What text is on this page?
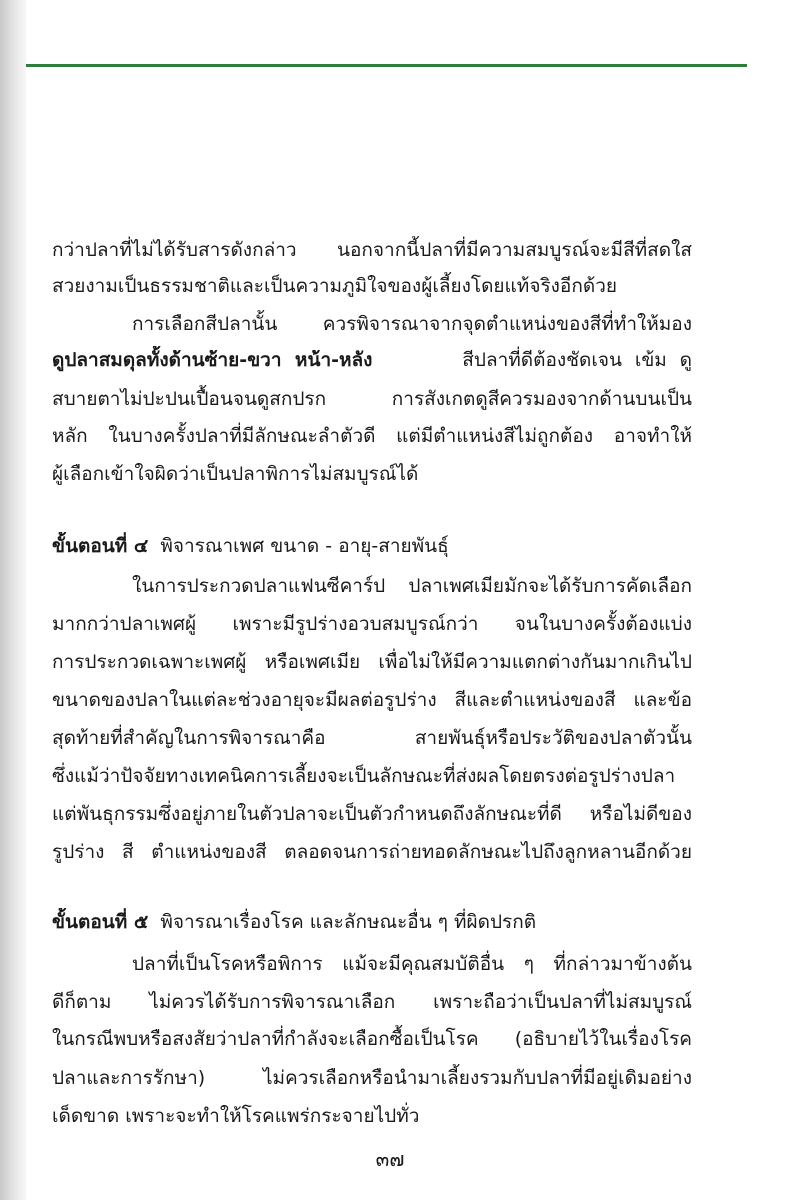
กว่าปลาที่ไม่ได้รับสารดังกล่าว นอกจากนี้ปลาที่มีความสมบูรณ์จะมีสีที่สดใส

สวยงามเป็นธรรมชาติและเป็นความภูมิใจของผู้เลี้ยงโดยแท้จริงอีกด้วย

การเลือกสีปลานั้น ควรพิจารณาจากจุดตำแหน่งของสีที่ทำให้มอง

ดูปลาสมดุลทั้งด้านซ้าย-ขวา หน้า-หลัง	สีปลาที่ดีต้องชัดเจน เข้ม ดู

สบายตาไม่ปะปนเปื้อนจนดูสกปรก การสังเกตดูสีควรมองจากด้านบนเป็น

หลัก ในบางครั้งปลาที่มีลักษณะลำตัวดี แต่มีตำแหน่งสีไม่ถูกต้อง อาจทำให้

ผู้เลือกเข้าใจผิดว่าเป็นปลาพิการไม่สมบูรณ์ได้

ขั้นตอนที่ ๔ พิจารณาเพศ ขนาด - อายุ-สายพันธุ์

ในการประกวดปลาแฟนซีคาร์ป ปลาเพศเมียมักจะได้รับการคัดเลือก

มากกว่าปลาเพศผู้ เพราะมีรูปร่างอวบสมบูรณ์กว่า จนในบางครั้งต้องแบ่ง

การประกวดเฉพาะเพศผู้ หรือเพศเมีย เพื่อไม่ให้มีความแตกต่างกันมากเกินไป

ขนาดของปลาในแต่ละช่วงอายุจะมีผลต่อรูปร่าง สีและตำแหน่งของสี และข้อ

สุดท้ายที่สำคัญในการพิจารณาคือ สายพันธุ์หรือประวัติของปลาตัวนั้น

ซึ่งแม้ว่าปัจจัยทางเทคนิคการเลี้ยงจะเป็นลักษณะที่ส่งผลโดยตรงต่อรูปร่างปลา

แต่พันธุกรรมซึ่งอยู่ภายในตัวปลาจะเป็นตัวกำหนดถึงลักษณะที่ดี หรือไม่ดีของ

รูปร่าง สี ตำแหน่งของสี ตลอดจนการถ่ายทอดลักษณะไปถึงลูกหลานอีกด้วย

ขั้นตอนที่ ๕ พิจารณาเรื่องโรค และลักษณะอื่น ๆ ที่ผิดปรกติ

ปลาที่เป็นโรคหรือพิการ แม้จะมีคุณสมบัติอื่น ๆ ที่กล่าวมาข้างต้น

ดีก็ตาม ไม่ควรได้รับการพิจารณาเลือก เพราะถือว่าเป็นปลาที่ไม่สมบูรณ์

ในกรณีพบหรือสงสัยว่าปลาที่กำลังจะเลือกซื้อเป็นโรค (อธิบายไว้ในเรื่องโรค

ปลาและการรักษา) ไม่ควรเลือกหรือนำมาเลี้ยงรวมกับปลาที่มีอยู่เดิมอย่าง

เด็ดขาด เพราะจะทำให้โรคแพร่กระจายไปทั่ว

๓๗
